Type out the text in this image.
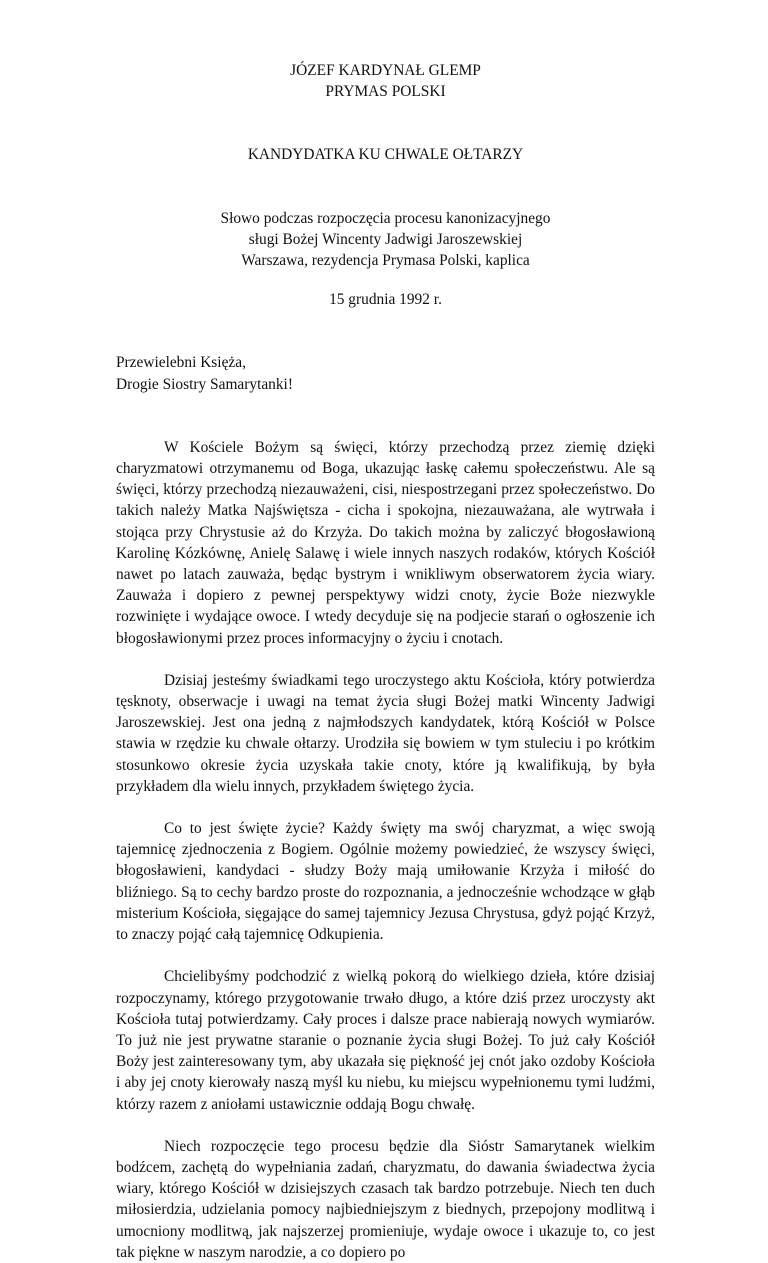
JÓZEF KARDYNAŁ GLEMP
PRYMAS POLSKI
KANDYDATKA KU CHWALE OŁTARZY
Słowo podczas rozpoczęcia procesu kanonizacyjnego
sługi Bożej Wincenty Jadwigi Jaroszewskiej
Warszawa, rezydencja Prymasa Polski, kaplica
15 grudnia 1992 r.
Przewielebni Księża,
Drogie Siostry Samarytanki!

W Kościele Bożym są święci, którzy przechodzą przez ziemię dzięki charyzmatowi otrzymanemu od Boga, ukazując łaskę całemu społeczeństwu. Ale są święci, którzy przechodzą niezauważeni, cisi, niespostrzegani przez społeczeństwo. Do takich należy Matka Najświętsza - cicha i spokojna, niezauważana, ale wytrwała i stojąca przy Chrystusie aż do Krzyża. Do takich można by zaliczyć błogosławioną Karolinę Kózkównę, Anielę Salawę i wiele innych naszych rodaków, których Kościół nawet po latach zauważa, będąc bystrym i wnikliwym obserwatorem życia wiary. Zauważa i dopiero z pewnej perspektywy widzi cnoty, życie Boże niezwykle rozwinięte i wydające owoce. I wtedy decyduje się na podjecie starań o ogłoszenie ich błogosławionymi przez proces informacyjny o życiu i cnotach.

Dzisiaj jesteśmy świadkami tego uroczystego aktu Kościoła, który potwierdza tęsknoty, obserwacje i uwagi na temat życia sługi Bożej matki Wincenty Jadwigi Jaroszewskiej. Jest ona jedną z najmłodszych kandydatek, którą Kościół w Polsce stawia w rzędzie ku chwale ołtarzy. Urodziła się bowiem w tym stuleciu i po krótkim stosunkowo okresie życia uzyskała takie cnoty, które ją kwalifikują, by była przykładem dla wielu innych, przykładem świętego życia.

Co to jest święte życie? Każdy święty ma swój charyzmat, a więc swoją tajemnicę zjednoczenia z Bogiem. Ogólnie możemy powiedzieć, że wszyscy święci, błogosławieni, kandydaci - słudzy Boży mają umiłowanie Krzyża i miłość do bliźniego. Są to cechy bardzo proste do rozpoznania, a jednocześnie wchodzące w głąb misterium Kościoła, sięgające do samej tajemnicy Jezusa Chrystusa, gdyż pojąć Krzyż, to znaczy pojąć całą tajemnicę Odkupienia.

Chcielibyśmy podchodzić z wielką pokorą do wielkiego dzieła, które dzisiaj rozpoczynamy, którego przygotowanie trwało długo, a które dziś przez uroczysty akt Kościoła tutaj potwierdzamy. Cały proces i dalsze prace nabierają nowych wymiarów. To już nie jest prywatne staranie o poznanie życia sługi Bożej. To już cały Kościół Boży jest zainteresowany tym, aby ukazała się piękność jej cnót jako ozdoby Kościoła i aby jej cnoty kierowały naszą myśl ku niebu, ku miejscu wypełnionemu tymi ludźmi, którzy razem z aniołami ustawicznie oddają Bogu chwałę.

Niech rozpoczęcie tego procesu będzie dla Sióstr Samarytanek wielkim bodźcem, zachętą do wypełniania zadań, charyzmatu, do dawania świadectwa życia wiary, którego Kościół w dzisiejszych czasach tak bardzo potrzebuje. Niech ten duch miłosierdzia, udzielania pomocy najbiedniejszym z biednych, przepojony modlitwą i umocniony modlitwą, jak najszerzej promieniuje, wydaje owoce i ukazuje to, co jest tak piękne w naszym narodzie, a co dopiero po
